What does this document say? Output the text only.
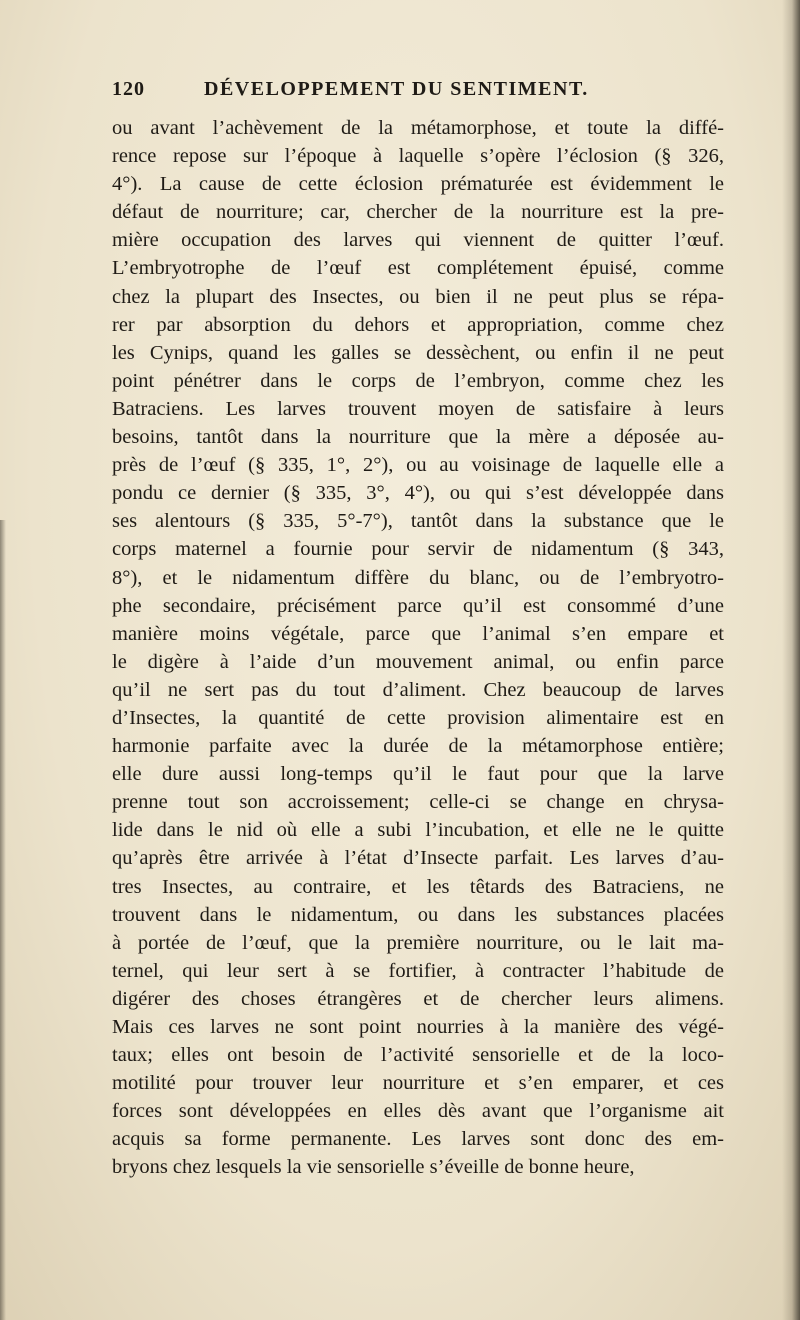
120	DÉVELOPPEMENT DU SENTIMENT.
ou avant l’achèvement de la métamorphose, et toute la diffé-
rence repose sur l’époque à laquelle s’opère l’éclosion (§ 326,
4°). La cause de cette éclosion prématurée est évidemment le
défaut de nourriture; car, chercher de la nourriture est la pre-
mière occupation des larves qui viennent de quitter l’œuf.
L’embryotrophe de l’œuf est complétement épuisé, comme
chez la plupart des Insectes, ou bien il ne peut plus se répa-
rer par absorption du dehors et appropriation, comme chez
les Cynips, quand les galles se dessèchent, ou enfin il ne peut
point pénétrer dans le corps de l’embryon, comme chez les
Batraciens. Les larves trouvent moyen de satisfaire à leurs
besoins, tantôt dans la nourriture que la mère a déposée au-
près de l’œuf (§ 335, 1°, 2°), ou au voisinage de laquelle elle a
pondu ce dernier (§ 335, 3°, 4°), ou qui s’est développée dans
ses alentours (§ 335, 5°-7°), tantôt dans la substance que le
corps maternel a fournie pour servir de nidamentum (§ 343,
8°), et le nidamentum diffère du blanc, ou de l’embryotro-
phe secondaire, précisément parce qu’il est consommé d’une
manière moins végétale, parce que l’animal s’en empare et
le digère à l’aide d’un mouvement animal, ou enfin parce
qu’il ne sert pas du tout d’aliment. Chez beaucoup de larves
d’Insectes, la quantité de cette provision alimentaire est en
harmonie parfaite avec la durée de la métamorphose entière;
elle dure aussi long-temps qu’il le faut pour que la larve
prenne tout son accroissement; celle-ci se change en chrysa-
lide dans le nid où elle a subi l’incubation, et elle ne le quitte
qu’après être arrivée à l’état d’Insecte parfait. Les larves d’au-
tres Insectes, au contraire, et les têtards des Batraciens, ne
trouvent dans le nidamentum, ou dans les substances placées
à portée de l’œuf, que la première nourriture, ou le lait ma-
ternel, qui leur sert à se fortifier, à contracter l’habitude de
digérer des choses étrangères et de chercher leurs alimens.
Mais ces larves ne sont point nourries à la manière des végé-
taux; elles ont besoin de l’activité sensorielle et de la loco-
motilité pour trouver leur nourriture et s’en emparer, et ces
forces sont développées en elles dès avant que l’organisme ait
acquis sa forme permanente. Les larves sont donc des em-
bryons chez lesquels la vie sensorielle s’éveille de bonne heure,
